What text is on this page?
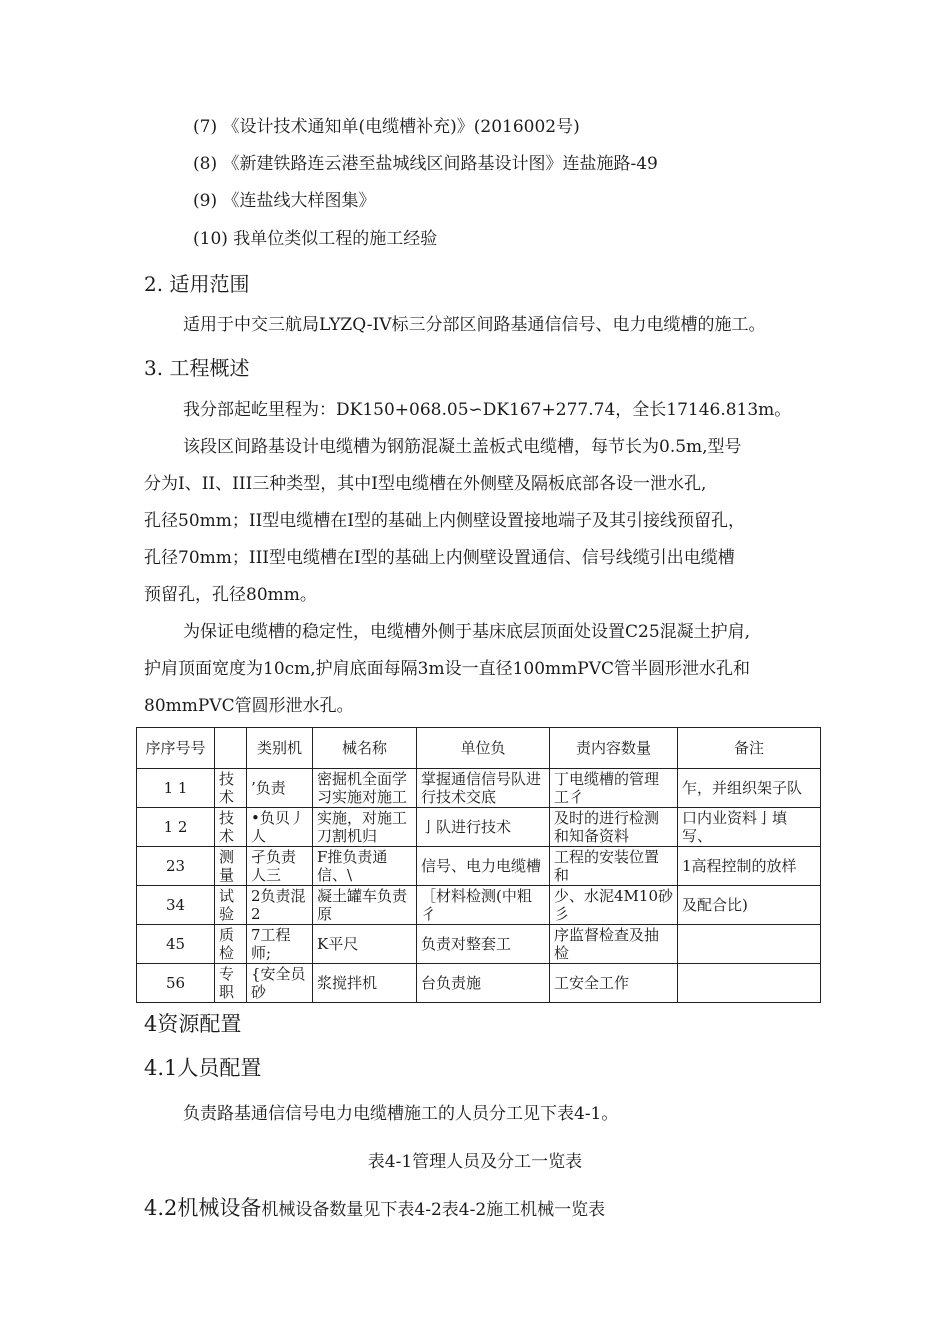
(7) 《设计技术通知单(电缆槽补充)》(2016002号)
(8) 《新建铁路连云港至盐城线区间路基设计图》连盐施路-49
(9) 《连盐线大样图集》
(10) 我单位类似工程的施工经验
2. 适用范围
适用于中交三航局LYZQ-IV标三分部区间路基通信信号、电力电缆槽的施工。
3. 工程概述
我分部起屹里程为：DK150+068.05∽DK167+277.74，全长17146.813m。
该段区间路基设计电缆槽为钢筋混凝土盖板式电缆槽，每节长为0.5m,型号
分为I、II、III三种类型，其中I型电缆槽在外侧壁及隔板底部各设一泄水孔,
孔径50mm；II型电缆槽在I型的基础上内侧壁设置接地端子及其引接线预留孔，
孔径70mm；III型电缆槽在I型的基础上内侧壁设置通信、信号线缆引出电缆槽
预留孔，孔径80mm。
为保证电缆槽的稳定性，电缆槽外侧于基床底层顶面处设置C25混凝土护肩,
护肩顶面宽度为10cm,护肩底面每隔3m设一直径100mmPVC管半圆形泄水孔和
80mmPVC管圆形泄水孔。
序序号号		类别机	械名称	单位负	责内容数量	备注
1 1	技术	’负责	密掘机全面学习实施对施工	掌握通信信号队进行技术交底	丁电缆槽的管理工彳	乍，并组织架子队
1 2	技术	•负贝丿人	实施，对施工刀割机归	亅队进行技术	及时的进行检测和知备资料	口内业资料亅填写、
23	测量	孑负责人三	F推负责通信、\	信号、电力电缆槽	工程的安装位置和	1高程控制的放样
34	试验	2负责混2	凝土罐车负责原	［材料检测(中粗彳	少、水泥4M10砂彡	及配合比)
45	质检	7工程师;	K平尺	负责对整套工	序监督检查及抽检	
56	专职	{安全员砂	浆搅拌机	台负责施	工安全工作	
4资源配置
4.1人员配置
负责路基通信信号电力电缆槽施工的人员分工见下表4-1。
表4-1管理人员及分工一览表
4.2机械设备机械设备数量见下表4-2表4-2施工机械一览表
